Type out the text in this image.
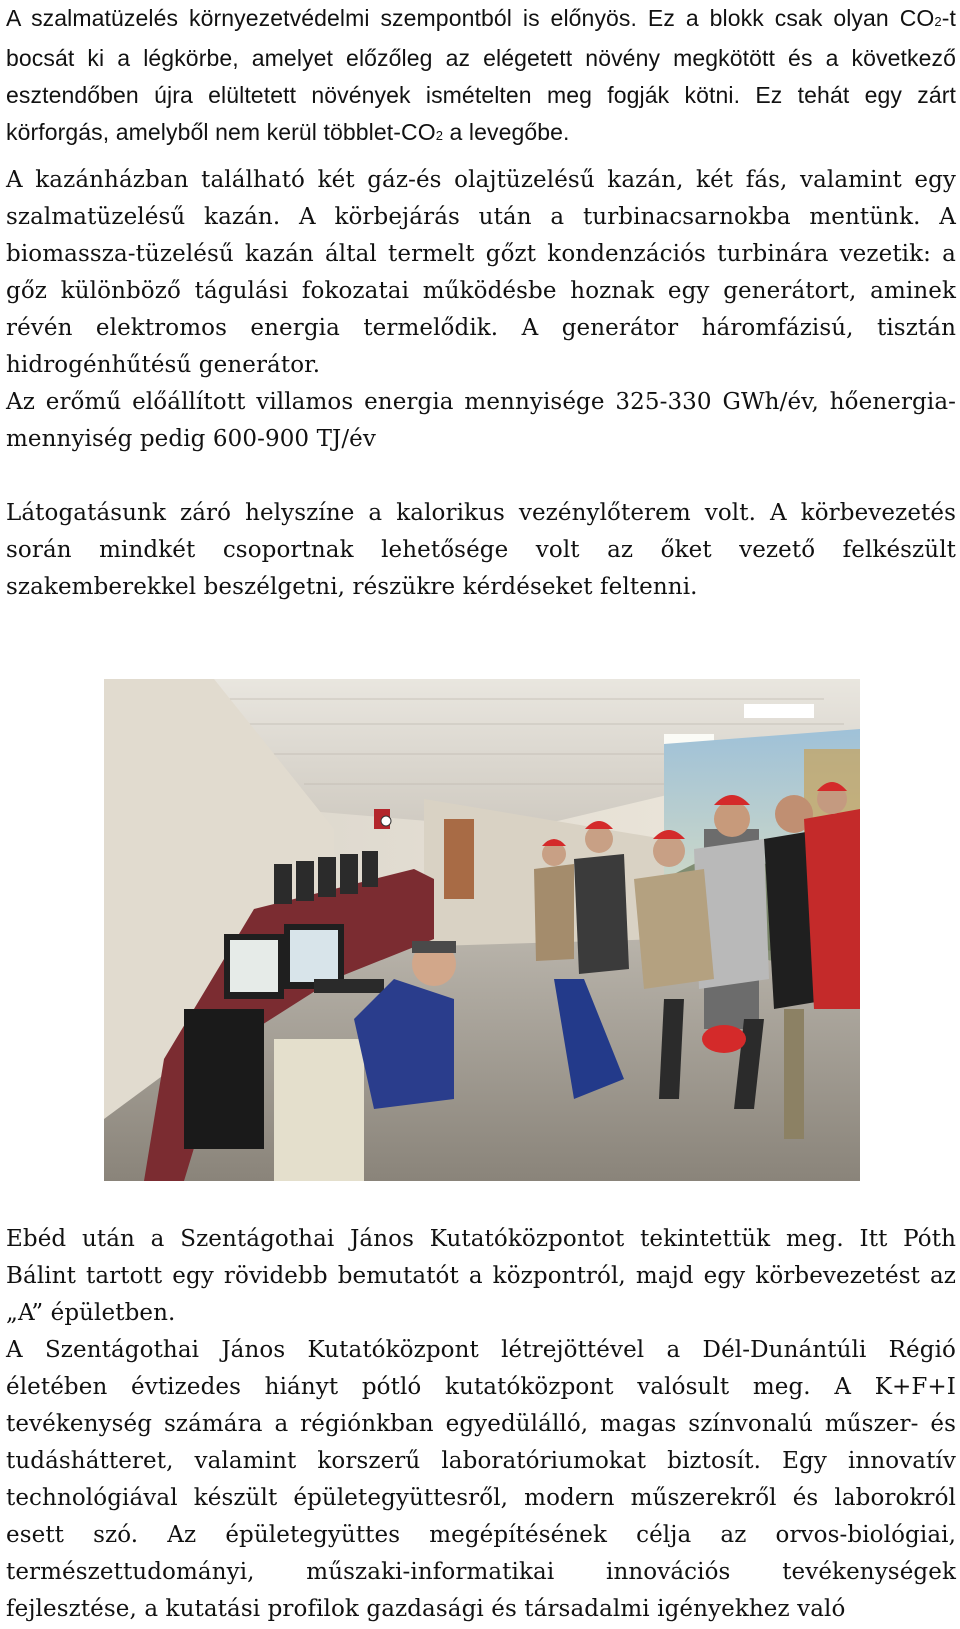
A szalmatüzelés környezetvédelmi szempontból is előnyös. Ez a blokk csak olyan CO2-t bocsát ki a légkörbe, amelyet előzőleg az elégetett növény megkötött és a következő esztendőben újra elültetett növények ismételten meg fogják kötni. Ez tehát egy zárt körforgás, amelyből nem kerül többlet-CO2 a levegőbe.

A kazánházban található két gáz-és olajtüzelésű kazán, két fás, valamint egy szalmatüzelésű kazán. A körbejárás után a turbinacsarnokba mentünk. A biomassza-tüzelésű kazán által termelt gőzt kondenzációs turbinára vezetik: a gőz különböző tágulási fokozatai működésbe hoznak egy generátort, aminek révén elektromos energia termelődik. A generátor háromfázisú, tisztán hidrogénhűtésű generátor.

Az erőmű előállított villamos energia mennyisége 325-330 GWh/év, hőenergia-mennyiség pedig 600-900 TJ/év

Látogatásunk záró helyszíne a kalorikus vezénylőterem volt. A körbevezetés során mindkét csoportnak lehetősége volt az őket vezető felkészült szakemberekkel beszélgetni, részükre kérdéseket feltenni.

Ebéd után a Szentágothai János Kutatóközpontot tekintettük meg. Itt Póth Bálint tartott egy rövidebb bemutatót a központról, majd egy körbevezetést az „A” épületben.

A Szentágothai János Kutatóközpont létrejöttével a Dél-Dunántúli Régió életében évtizedes hiányt pótló kutatóközpont valósult meg. A K+F+I tevékenység számára a régiónkban egyedülálló, magas színvonalú műszer- és tudáshátteret, valamint korszerű laboratóriumokat biztosít. Egy innovatív technológiával készült épületegyüttesről, modern műszerekről és laborokról esett szó. Az épületegyüttes megépítésének célja az orvos-biológiai, természettudományi, műszaki-informatikai innovációs tevékenységek fejlesztése, a kutatási profilok gazdasági és társadalmi igényekhez való
